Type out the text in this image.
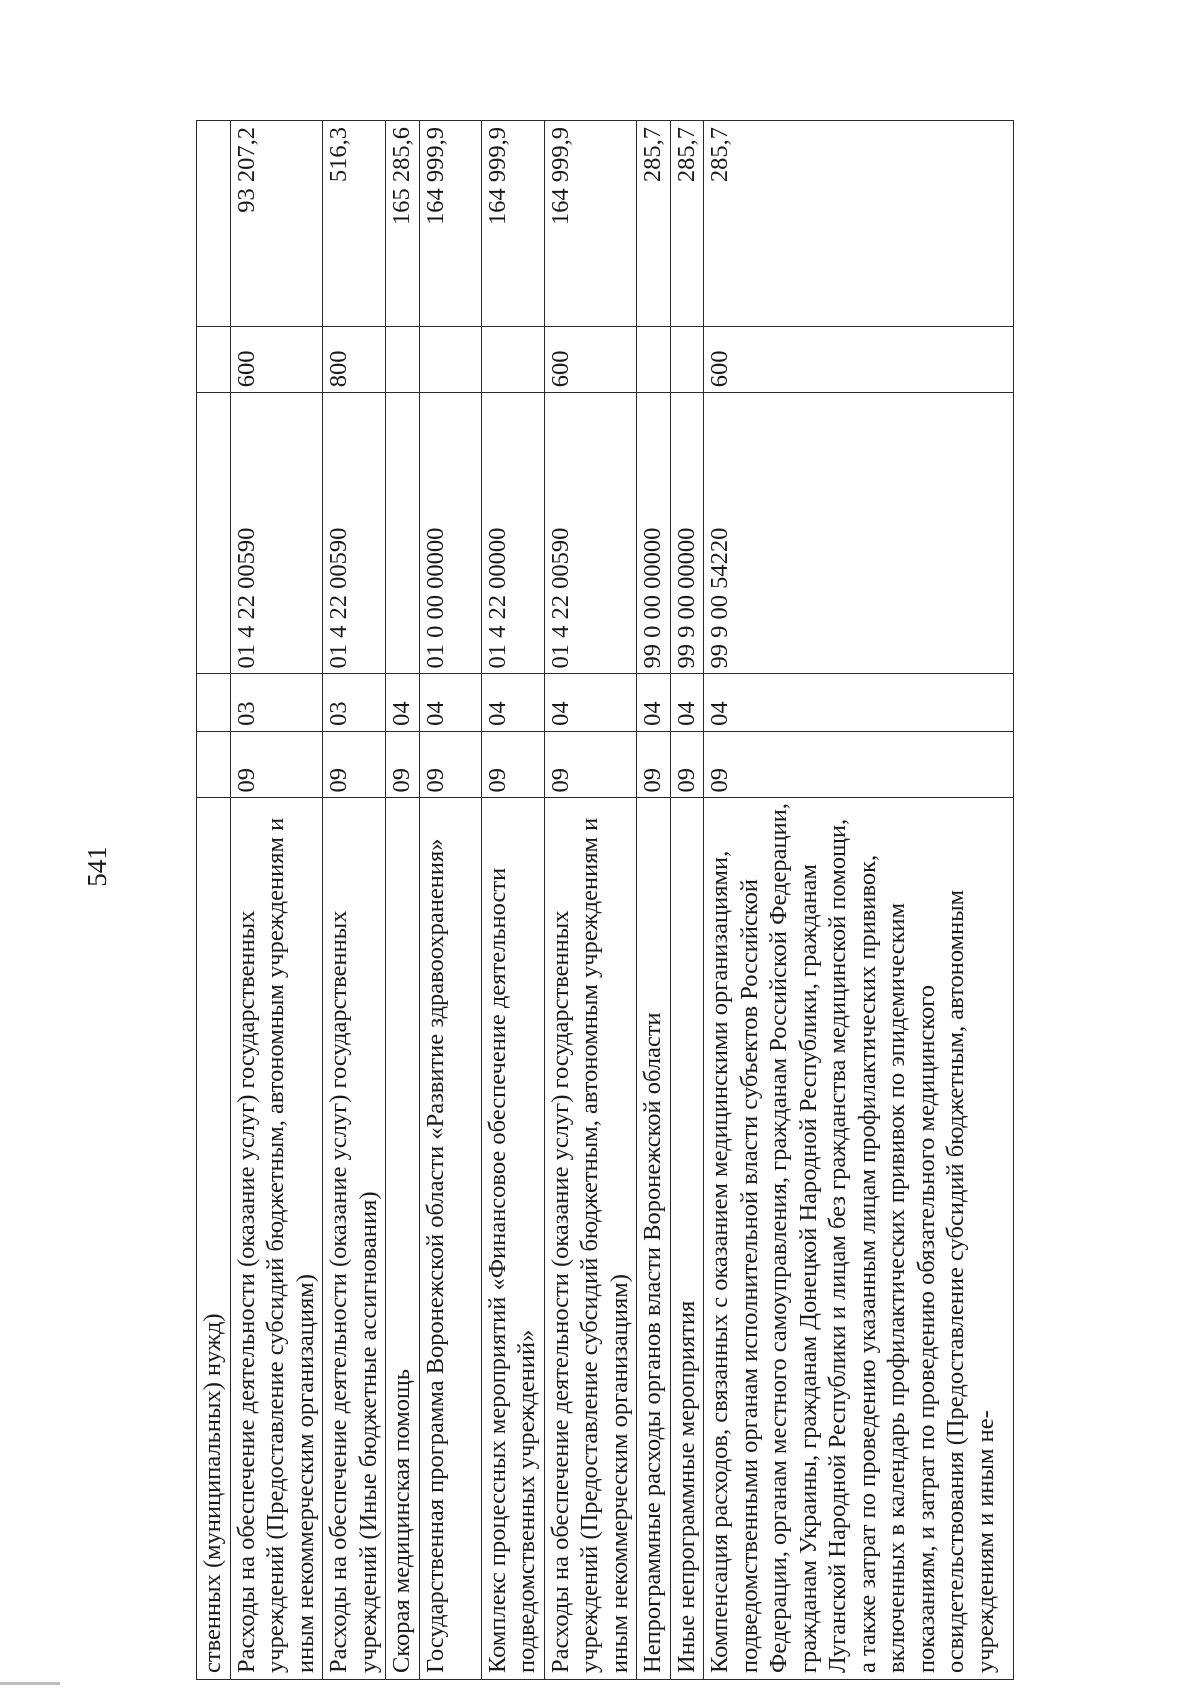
541
ственных (муниципальных) нужд)					
Расходы на обеспечение деятельности (оказание услуг) государственных учреждений (Предоставление субсидий бюджетным, автономным учреждениям и иным некоммерческим организациям)	09	03	01 4 22 00590	600	93 207,2
Расходы на обеспечение деятельности (оказание услуг) государственных учреждений (Иные бюджетные ассигнования)	09	03	01 4 22 00590	800	516,3
Скорая медицинская помощь	09	04			165 285,6
Государственная программа Воронежской области «Развитие здравоохранения»	09	04	01 0 00 00000		164 999,9
Комплекс процессных мероприятий «Финансовое обеспечение деятельности подведомственных учреждений»	09	04	01 4 22 00000		164 999,9
Расходы на обеспечение деятельности (оказание услуг) государственных учреждений (Предоставление субсидий бюджетным, автономным учреждениям и иным некоммерческим организациям)	09	04	01 4 22 00590	600	164 999,9
Непрограммные расходы органов власти Воронежской области	09	04	99 0 00 00000		285,7
Иные непрограммные мероприятия	09	04	99 9 00 00000		285,7
Компенсация расходов, связанных с оказанием медицинскими организациями, подведомственными органам исполнительной власти субъектов Российской Федерации, органам местного самоуправления, гражданам Российской Федерации, гражданам Украины, гражданам Донецкой Народной Республики, гражданам Луганской Народной Республики и лицам без гражданства медицинской помощи, а также затрат по проведению указанным лицам профилактических прививок, включенных в календарь профилактических прививок по эпидемическим показаниям, и затрат по проведению обязательного медицинского освидетельствования (Предоставление субсидий бюджетным, автономным учреждениям и иным не-	09	04	99 9 00 54220	600	285,7
